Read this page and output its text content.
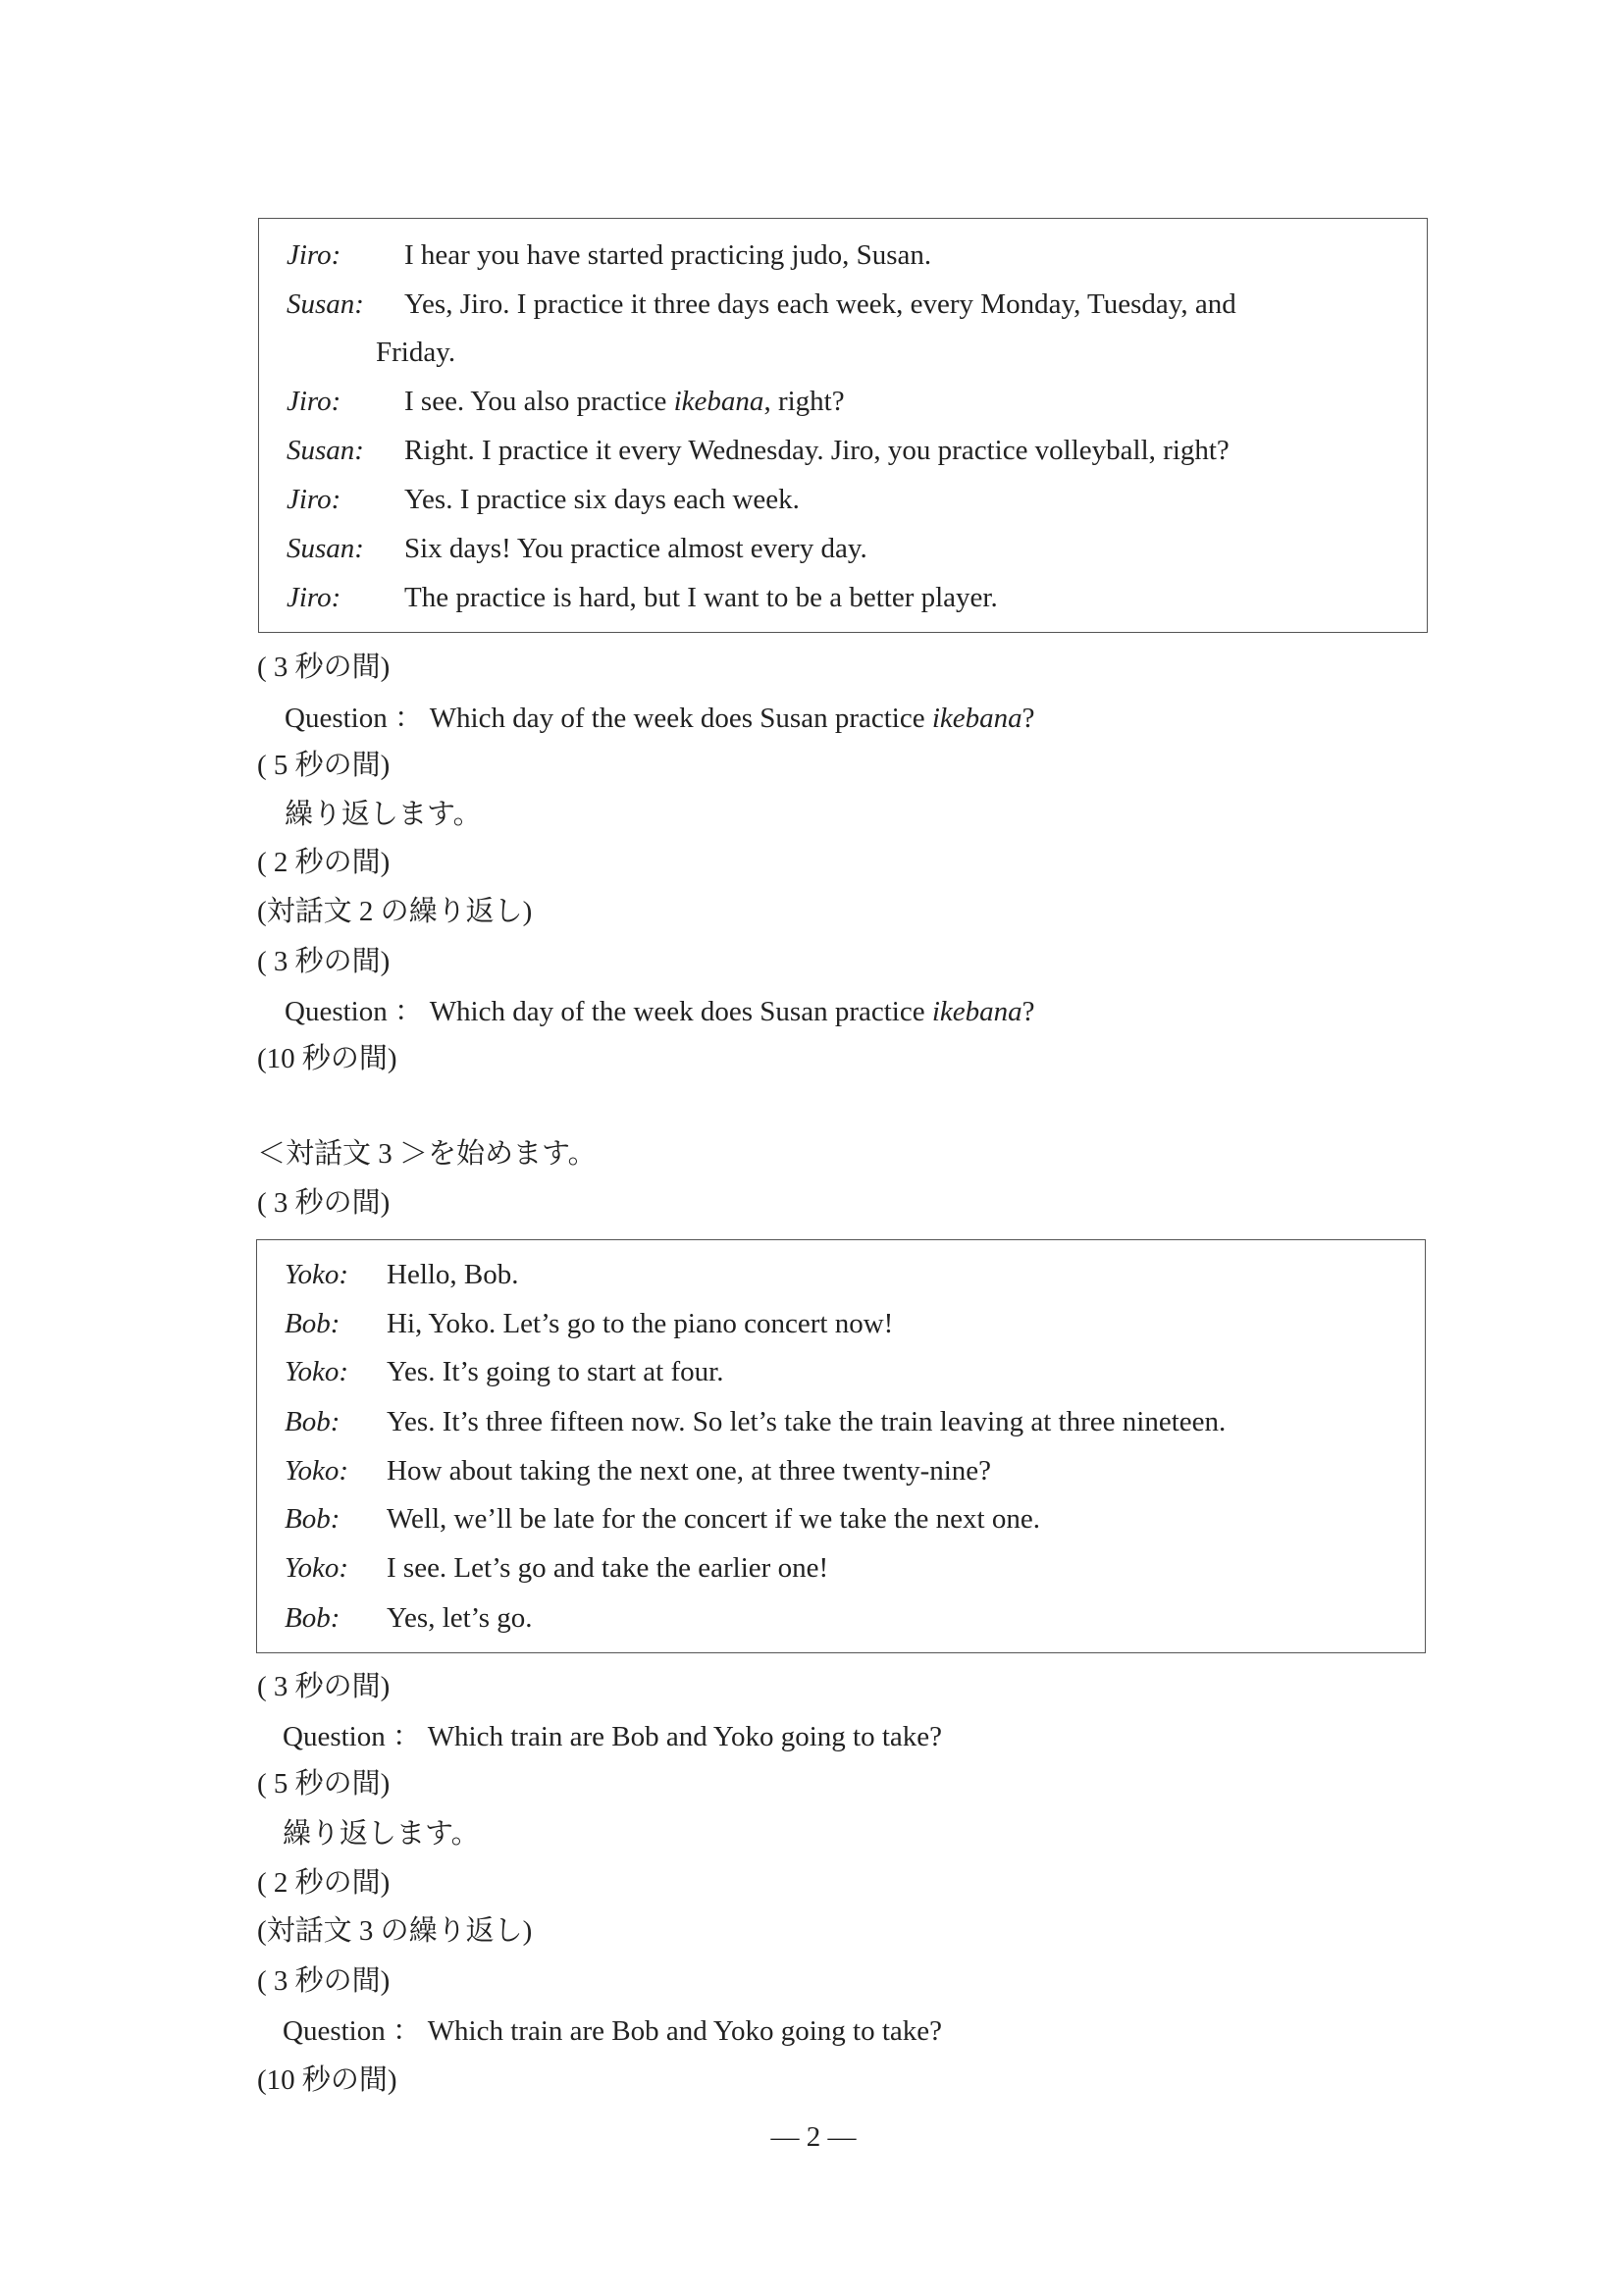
Jiro: I hear you have started practicing judo, Susan.
Susan: Yes, Jiro. I practice it three days each week, every Monday, Tuesday, and
Friday.
Jiro: I see. You also practice ikebana, right?
Susan: Right. I practice it every Wednesday. Jiro, you practice volleyball, right?
Jiro: Yes. I practice six days each week.
Susan: Six days! You practice almost every day.
Jiro: The practice is hard, but I want to be a better player.
( 3 秒の間)
Question ： Which day of the week does Susan practice ikebana?
( 5 秒の間)
繰り返します。
( 2 秒の間)
(対話文 2 の繰り返し)
( 3 秒の間)
Question ： Which day of the week does Susan practice ikebana?
(10 秒の間)
＜対話文 3 ＞を始めます。
( 3 秒の間)
Yoko: Hello, Bob.
Bob: Hi, Yoko. Let’s go to the piano concert now!
Yoko: Yes. It’s going to start at four.
Bob: Yes. It’s three fifteen now. So let’s take the train leaving at three nineteen.
Yoko: How about taking the next one, at three twenty-nine?
Bob: Well, we’ll be late for the concert if we take the next one.
Yoko: I see. Let’s go and take the earlier one!
Bob: Yes, let’s go.
( 3 秒の間)
Question ： Which train are Bob and Yoko going to take?
( 5 秒の間)
繰り返します。
( 2 秒の間)
(対話文 3 の繰り返し)
( 3 秒の間)
Question ： Which train are Bob and Yoko going to take?
(10 秒の間)
— 2 —
